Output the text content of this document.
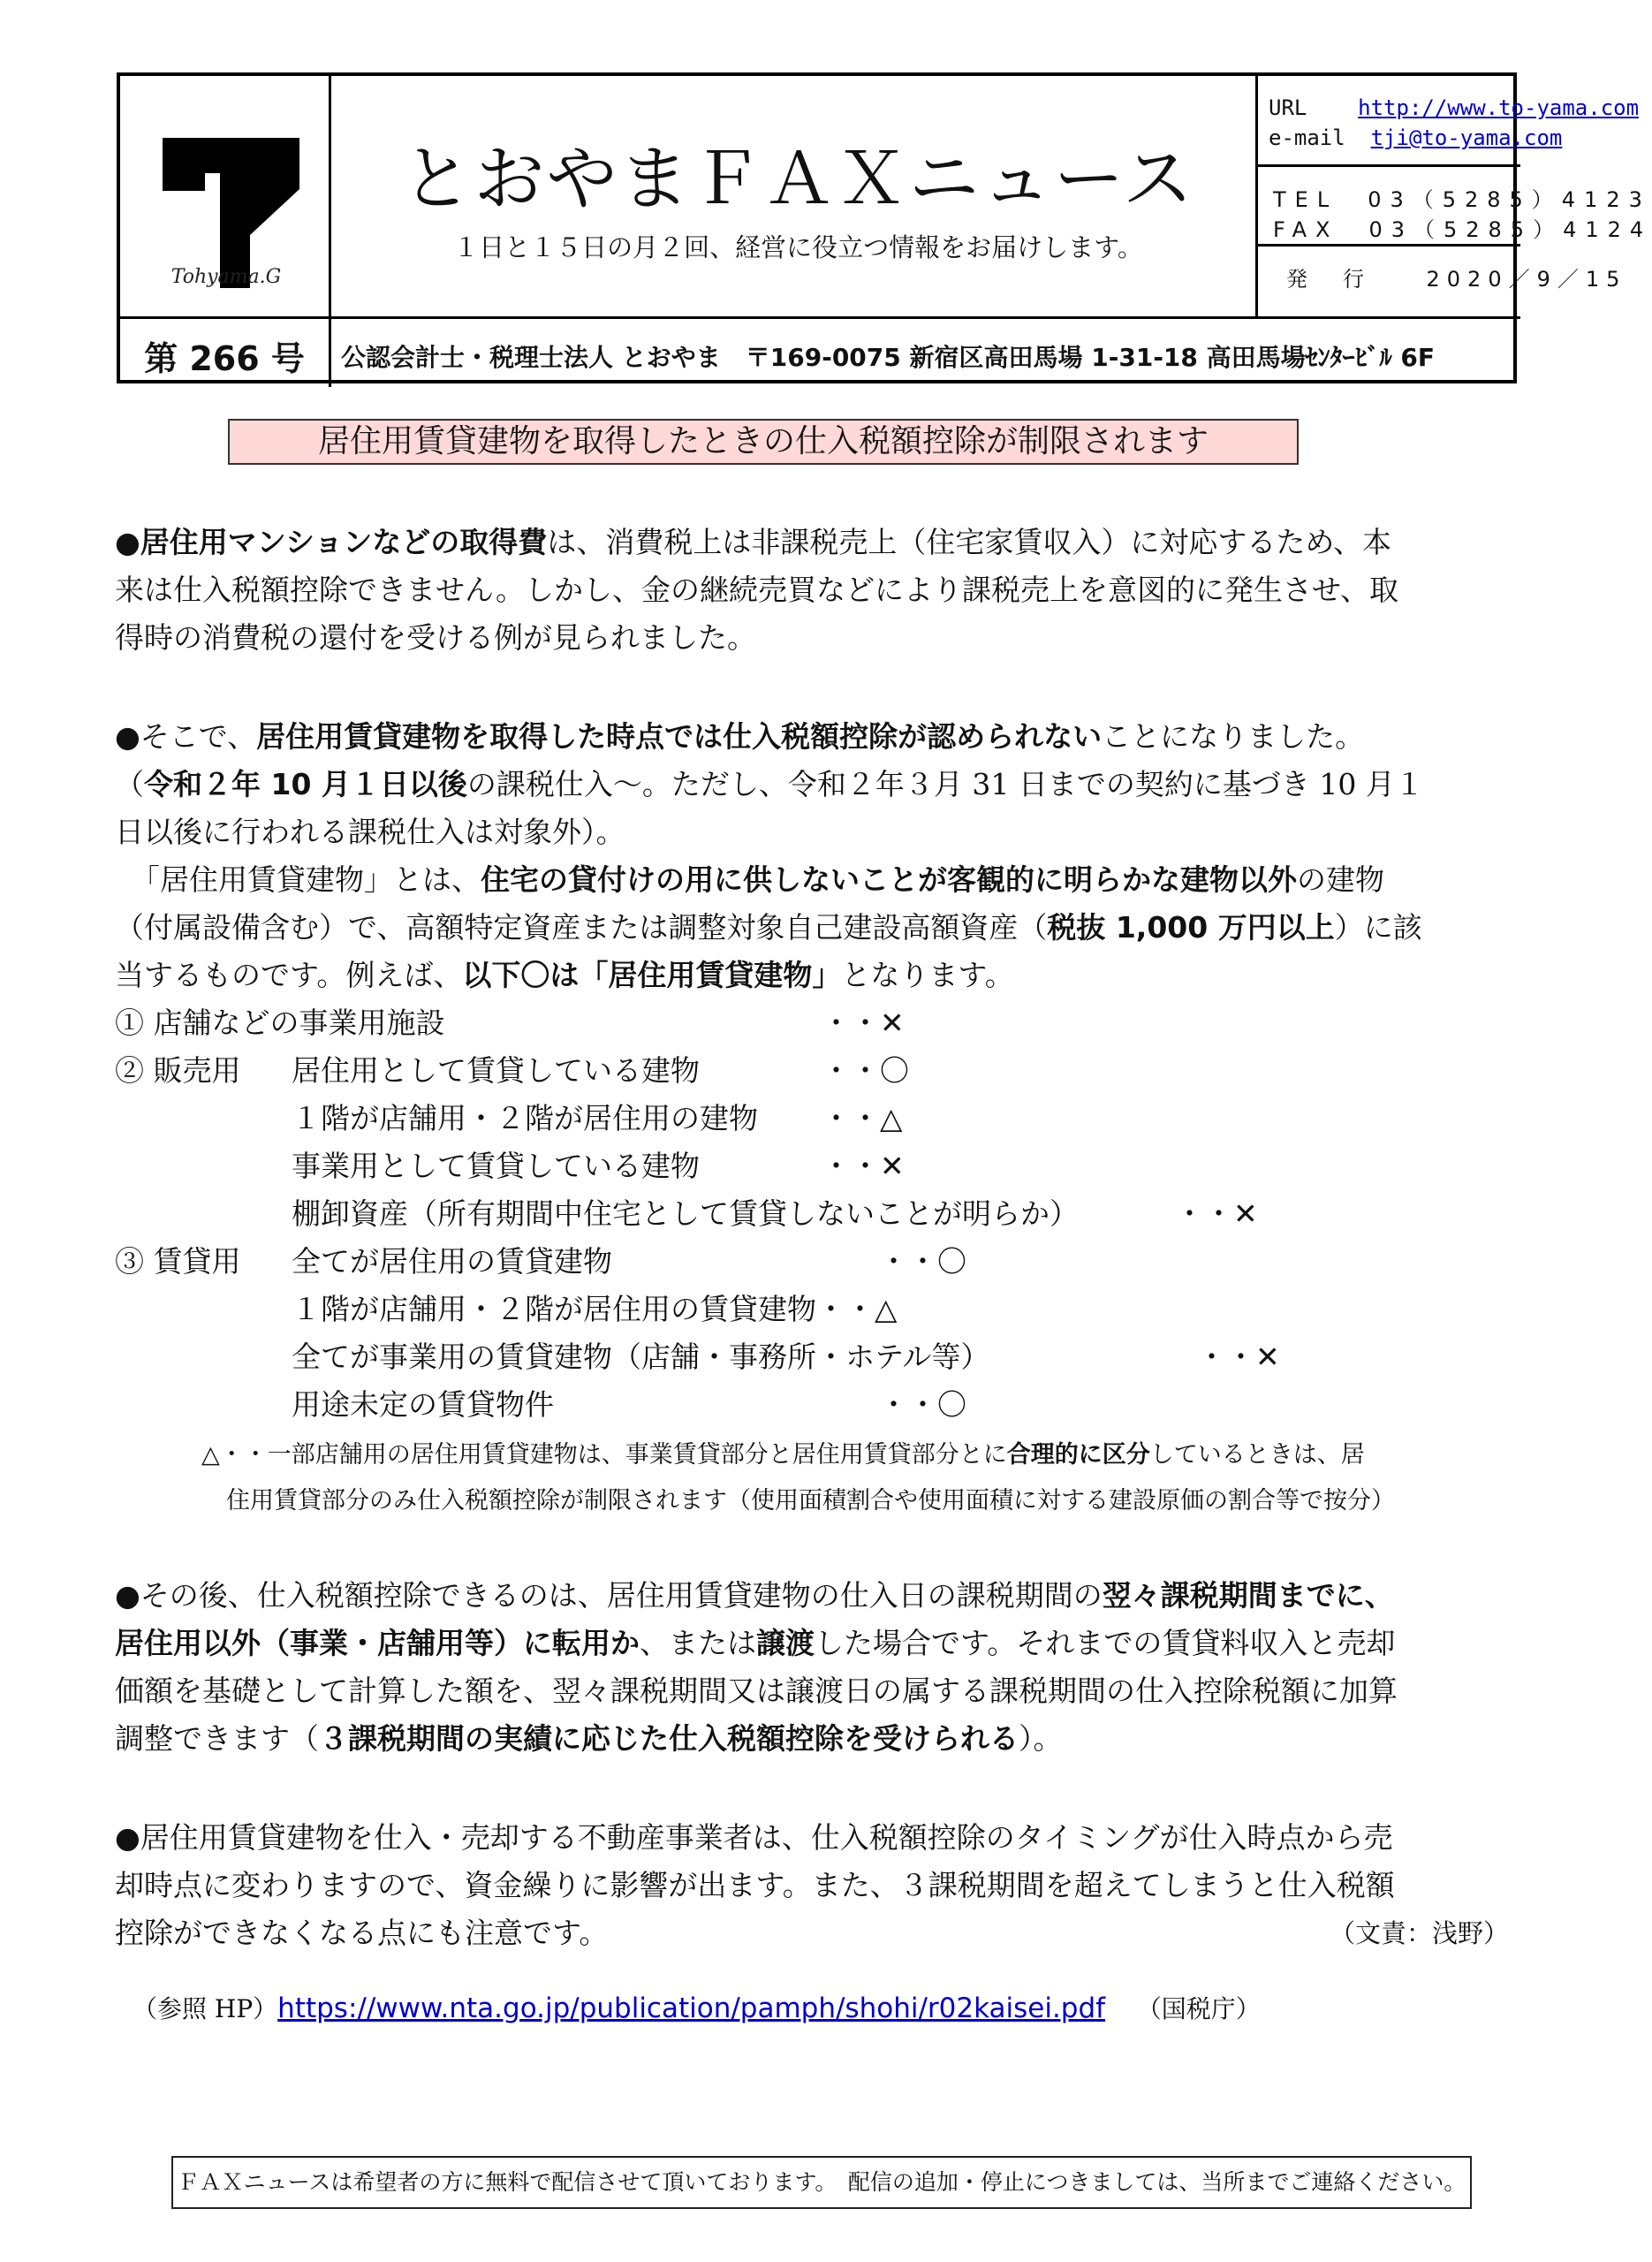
Tohyama.G
とおやまＦＡＸニュース
１日と１５日の月２回、経営に役立つ情報をお届けします。
URL http://www.to-yama.com
e-mail tji@to-yama.com
TEL　03（5285）4123
FAX　03（5285）4124
発　行	2020／9／15
第 266 号	公認会計士・税理士法人 とおやま　〒169-0075 新宿区高田馬場 1-31-18 高田馬場ｾﾝﾀｰﾋﾞﾙ 6F
居住用賃貸建物を取得したときの仕入税額控除が制限されます
●居住用マンションなどの取得費は、消費税上は非課税売上（住宅家賃収入）に対応するため、本
来は仕入税額控除できません。しかし、金の継続売買などにより課税売上を意図的に発生させ、取
得時の消費税の還付を受ける例が見られました。
●そこで、居住用賃貸建物を取得した時点では仕入税額控除が認められないことになりました。
（令和２年 10 月１日以後の課税仕入～。ただし、令和２年３月 31 日までの契約に基づき 10 月１
日以後に行われる課税仕入は対象外）。
「居住用賃貸建物」とは、住宅の貸付けの用に供しないことが客観的に明らかな建物以外の建物
（付属設備含む）で、高額特定資産または調整対象自己建設高額資産（税抜 1,000 万円以上）に該
当するものです。例えば、以下〇は「居住用賃貸建物」となります。
① 店舗などの事業用施設	・・✕
② 販売用 居住用として賃貸している建物	・・〇
１階が店舗用・２階が居住用の建物 ・・△
事業用として賃貸している建物	・・✕
棚卸資産（所有期間中住宅として賃貸しないことが明らか）	・・✕
③ 賃貸用 全てが居住用の賃貸建物	・・〇
１階が店舗用・２階が居住用の賃貸建物・・△
全てが事業用の賃貸建物（店舗・事務所・ホテル等）	・・✕
用途未定の賃貸物件	・・〇
△・・一部店舗用の居住用賃貸建物は、事業賃貸部分と居住用賃貸部分とに合理的に区分しているときは、居
住用賃貸部分のみ仕入税額控除が制限されます（使用面積割合や使用面積に対する建設原価の割合等で按分）
●その後、仕入税額控除できるのは、居住用賃貸建物の仕入日の課税期間の翌々課税期間までに、
居住用以外（事業・店舗用等）に転用か、または譲渡した場合です。それまでの賃貸料収入と売却
価額を基礎として計算した額を、翌々課税期間又は譲渡日の属する課税期間の仕入控除税額に加算
調整できます（３課税期間の実績に応じた仕入税額控除を受けられる）。
●居住用賃貸建物を仕入・売却する不動産事業者は、仕入税額控除のタイミングが仕入時点から売
却時点に変わりますので、資金繰りに影響が出ます。また、３課税期間を超えてしまうと仕入税額
控除ができなくなる点にも注意です。	（文責：浅野）
（参照 HP）https://www.nta.go.jp/publication/pamph/shohi/r02kaisei.pdf （国税庁）
ＦＡＸニュースは希望者の方に無料で配信させて頂いております。　配信の追加・停止につきましては、当所までご連絡ください。
